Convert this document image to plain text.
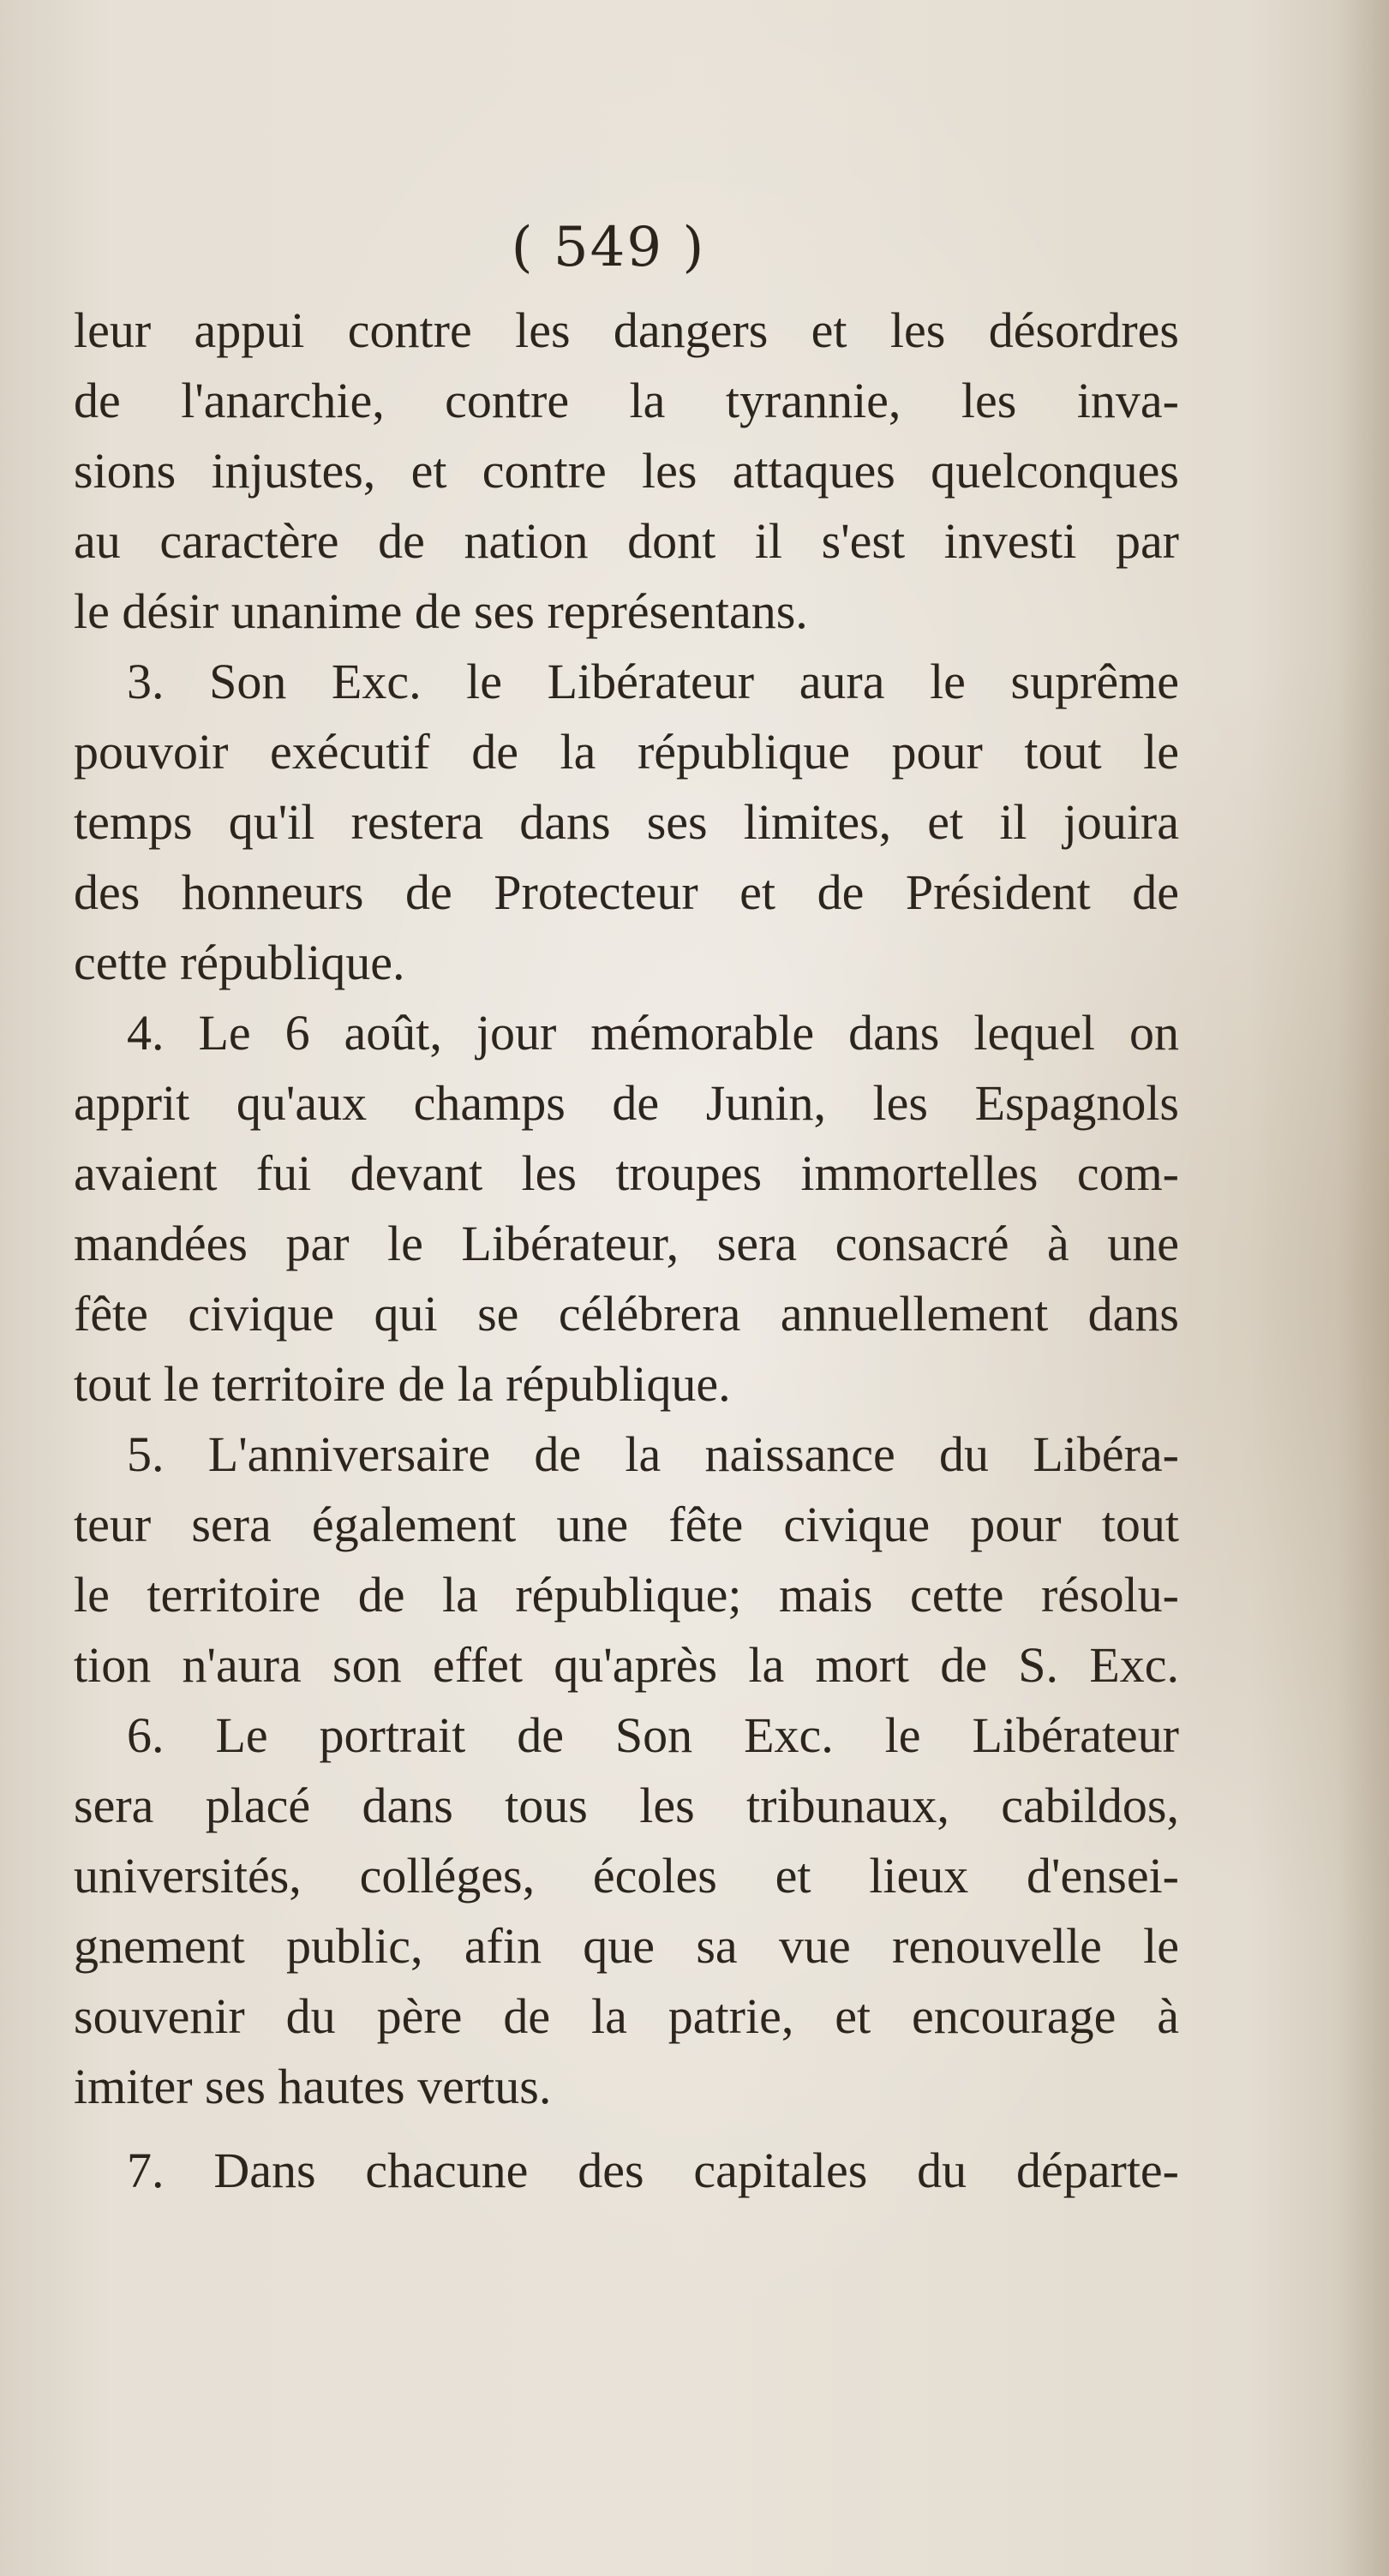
( 549 )
leur appui contre les dangers et les désordres
de l'anarchie, contre la tyrannie, les inva-
sions injustes, et contre les attaques quelconques
au caractère de nation dont il s'est investi par
le désir unanime de ses représentans.
3. Son Exc. le Libérateur aura le suprême
pouvoir exécutif de la république pour tout le
temps qu'il restera dans ses limites, et il jouira
des honneurs de Protecteur et de Président de
cette république.
4. Le 6 août, jour mémorable dans lequel on
apprit qu'aux champs de Junin, les Espagnols
avaient fui devant les troupes immortelles com-
mandées par le Libérateur, sera consacré à une
fête civique qui se célébrera annuellement dans
tout le territoire de la république.
5. L'anniversaire de la naissance du Libéra-
teur sera également une fête civique pour tout
le territoire de la république; mais cette résolu-
tion n'aura son effet qu'après la mort de S. Exc.
6. Le portrait de Son Exc. le Libérateur
sera placé dans tous les tribunaux, cabildos,
universités, colléges, écoles et lieux d'ensei-
gnement public, afin que sa vue renouvelle le
souvenir du père de la patrie, et encourage à
imiter ses hautes vertus.
7. Dans chacune des capitales du départe-
